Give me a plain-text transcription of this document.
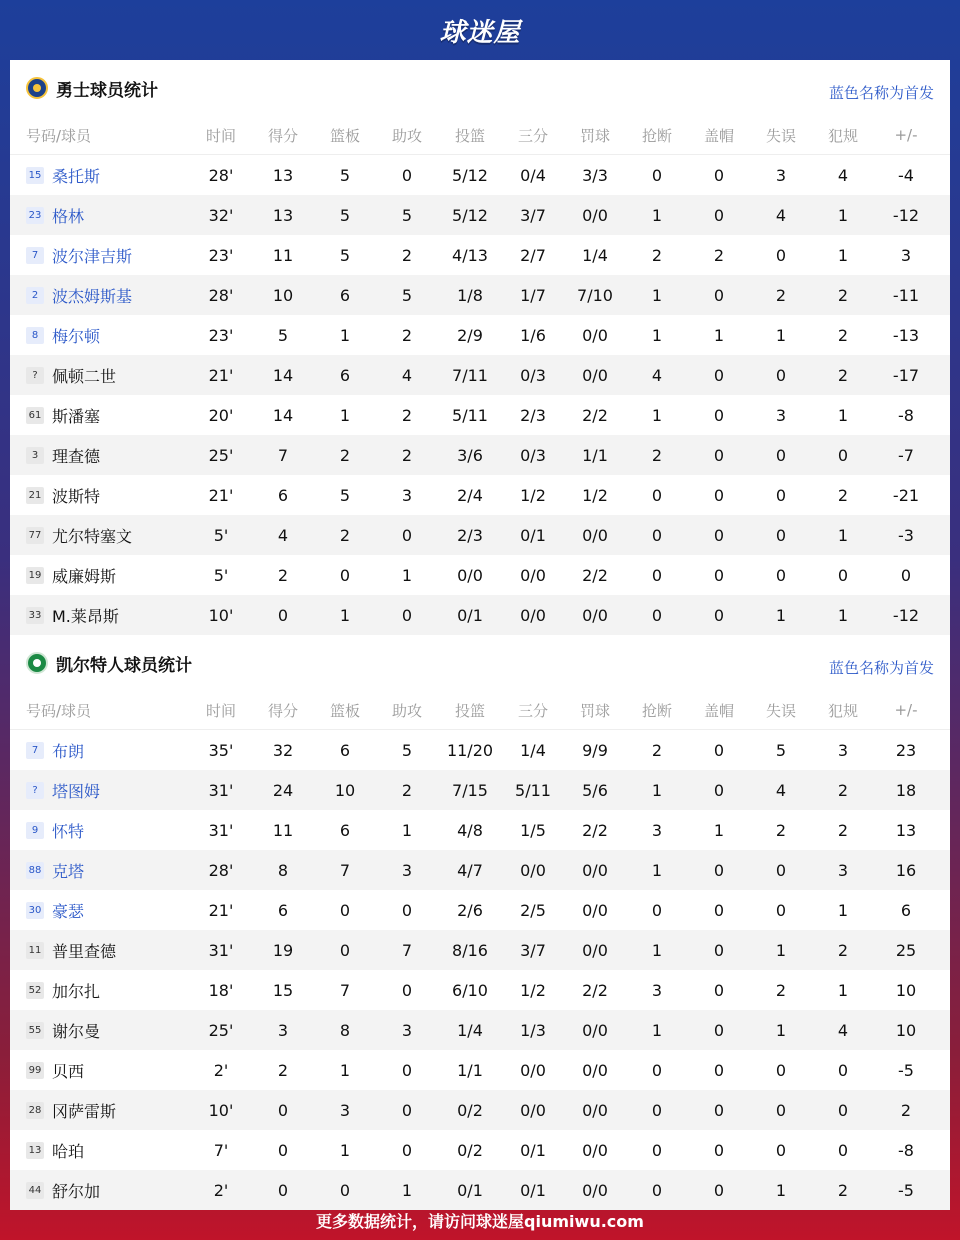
球迷屋
勇士球员统计	蓝色名称为首发
号码/球员	时间	得分	篮板	助攻	投篮	三分	罚球	抢断	盖帽	失误	犯规	+/-
15 桑托斯	28'	13	5	0	5/12	0/4	3/3	0	0	3	4	-4
23 格林	32'	13	5	5	5/12	3/7	0/0	1	0	4	1	-12
7 波尔津吉斯	23'	11	5	2	4/13	2/7	1/4	2	2	0	1	3
2 波杰姆斯基	28'	10	6	5	1/8	1/7	7/10	1	0	2	2	-11
8 梅尔顿	23'	5	1	2	2/9	1/6	0/0	1	1	1	2	-13
? 佩顿二世	21'	14	6	4	7/11	0/3	0/0	4	0	0	2	-17
61 斯潘塞	20'	14	1	2	5/11	2/3	2/2	1	0	3	1	-8
3 理查德	25'	7	2	2	3/6	0/3	1/1	2	0	0	0	-7
21 波斯特	21'	6	5	3	2/4	1/2	1/2	0	0	0	2	-21
77 尤尔特塞文	5'	4	2	0	2/3	0/1	0/0	0	0	0	1	-3
19 威廉姆斯	5'	2	0	1	0/0	0/0	2/2	0	0	0	0	0
33 M.莱昂斯	10'	0	1	0	0/1	0/0	0/0	0	0	1	1	-12
凯尔特人球员统计	蓝色名称为首发
号码/球员	时间	得分	篮板	助攻	投篮	三分	罚球	抢断	盖帽	失误	犯规	+/-
7 布朗	35'	32	6	5	11/20	1/4	9/9	2	0	5	3	23
? 塔图姆	31'	24	10	2	7/15	5/11	5/6	1	0	4	2	18
9 怀特	31'	11	6	1	4/8	1/5	2/2	3	1	2	2	13
88 克塔	28'	8	7	3	4/7	0/0	0/0	1	0	0	3	16
30 豪瑟	21'	6	0	0	2/6	2/5	0/0	0	0	0	1	6
11 普里查德	31'	19	0	7	8/16	3/7	0/0	1	0	1	2	25
52 加尔扎	18'	15	7	0	6/10	1/2	2/2	3	0	2	1	10
55 谢尔曼	25'	3	8	3	1/4	1/3	0/0	1	0	1	4	10
99 贝西	2'	2	1	0	1/1	0/0	0/0	0	0	0	0	-5
28 冈萨雷斯	10'	0	3	0	0/2	0/0	0/0	0	0	0	0	2
13 哈珀	7'	0	1	0	0/2	0/1	0/0	0	0	0	0	-8
44 舒尔加	2'	0	0	1	0/1	0/1	0/0	0	0	1	2	-5
更多数据统计，请访问球迷屋qiumiwu.com
